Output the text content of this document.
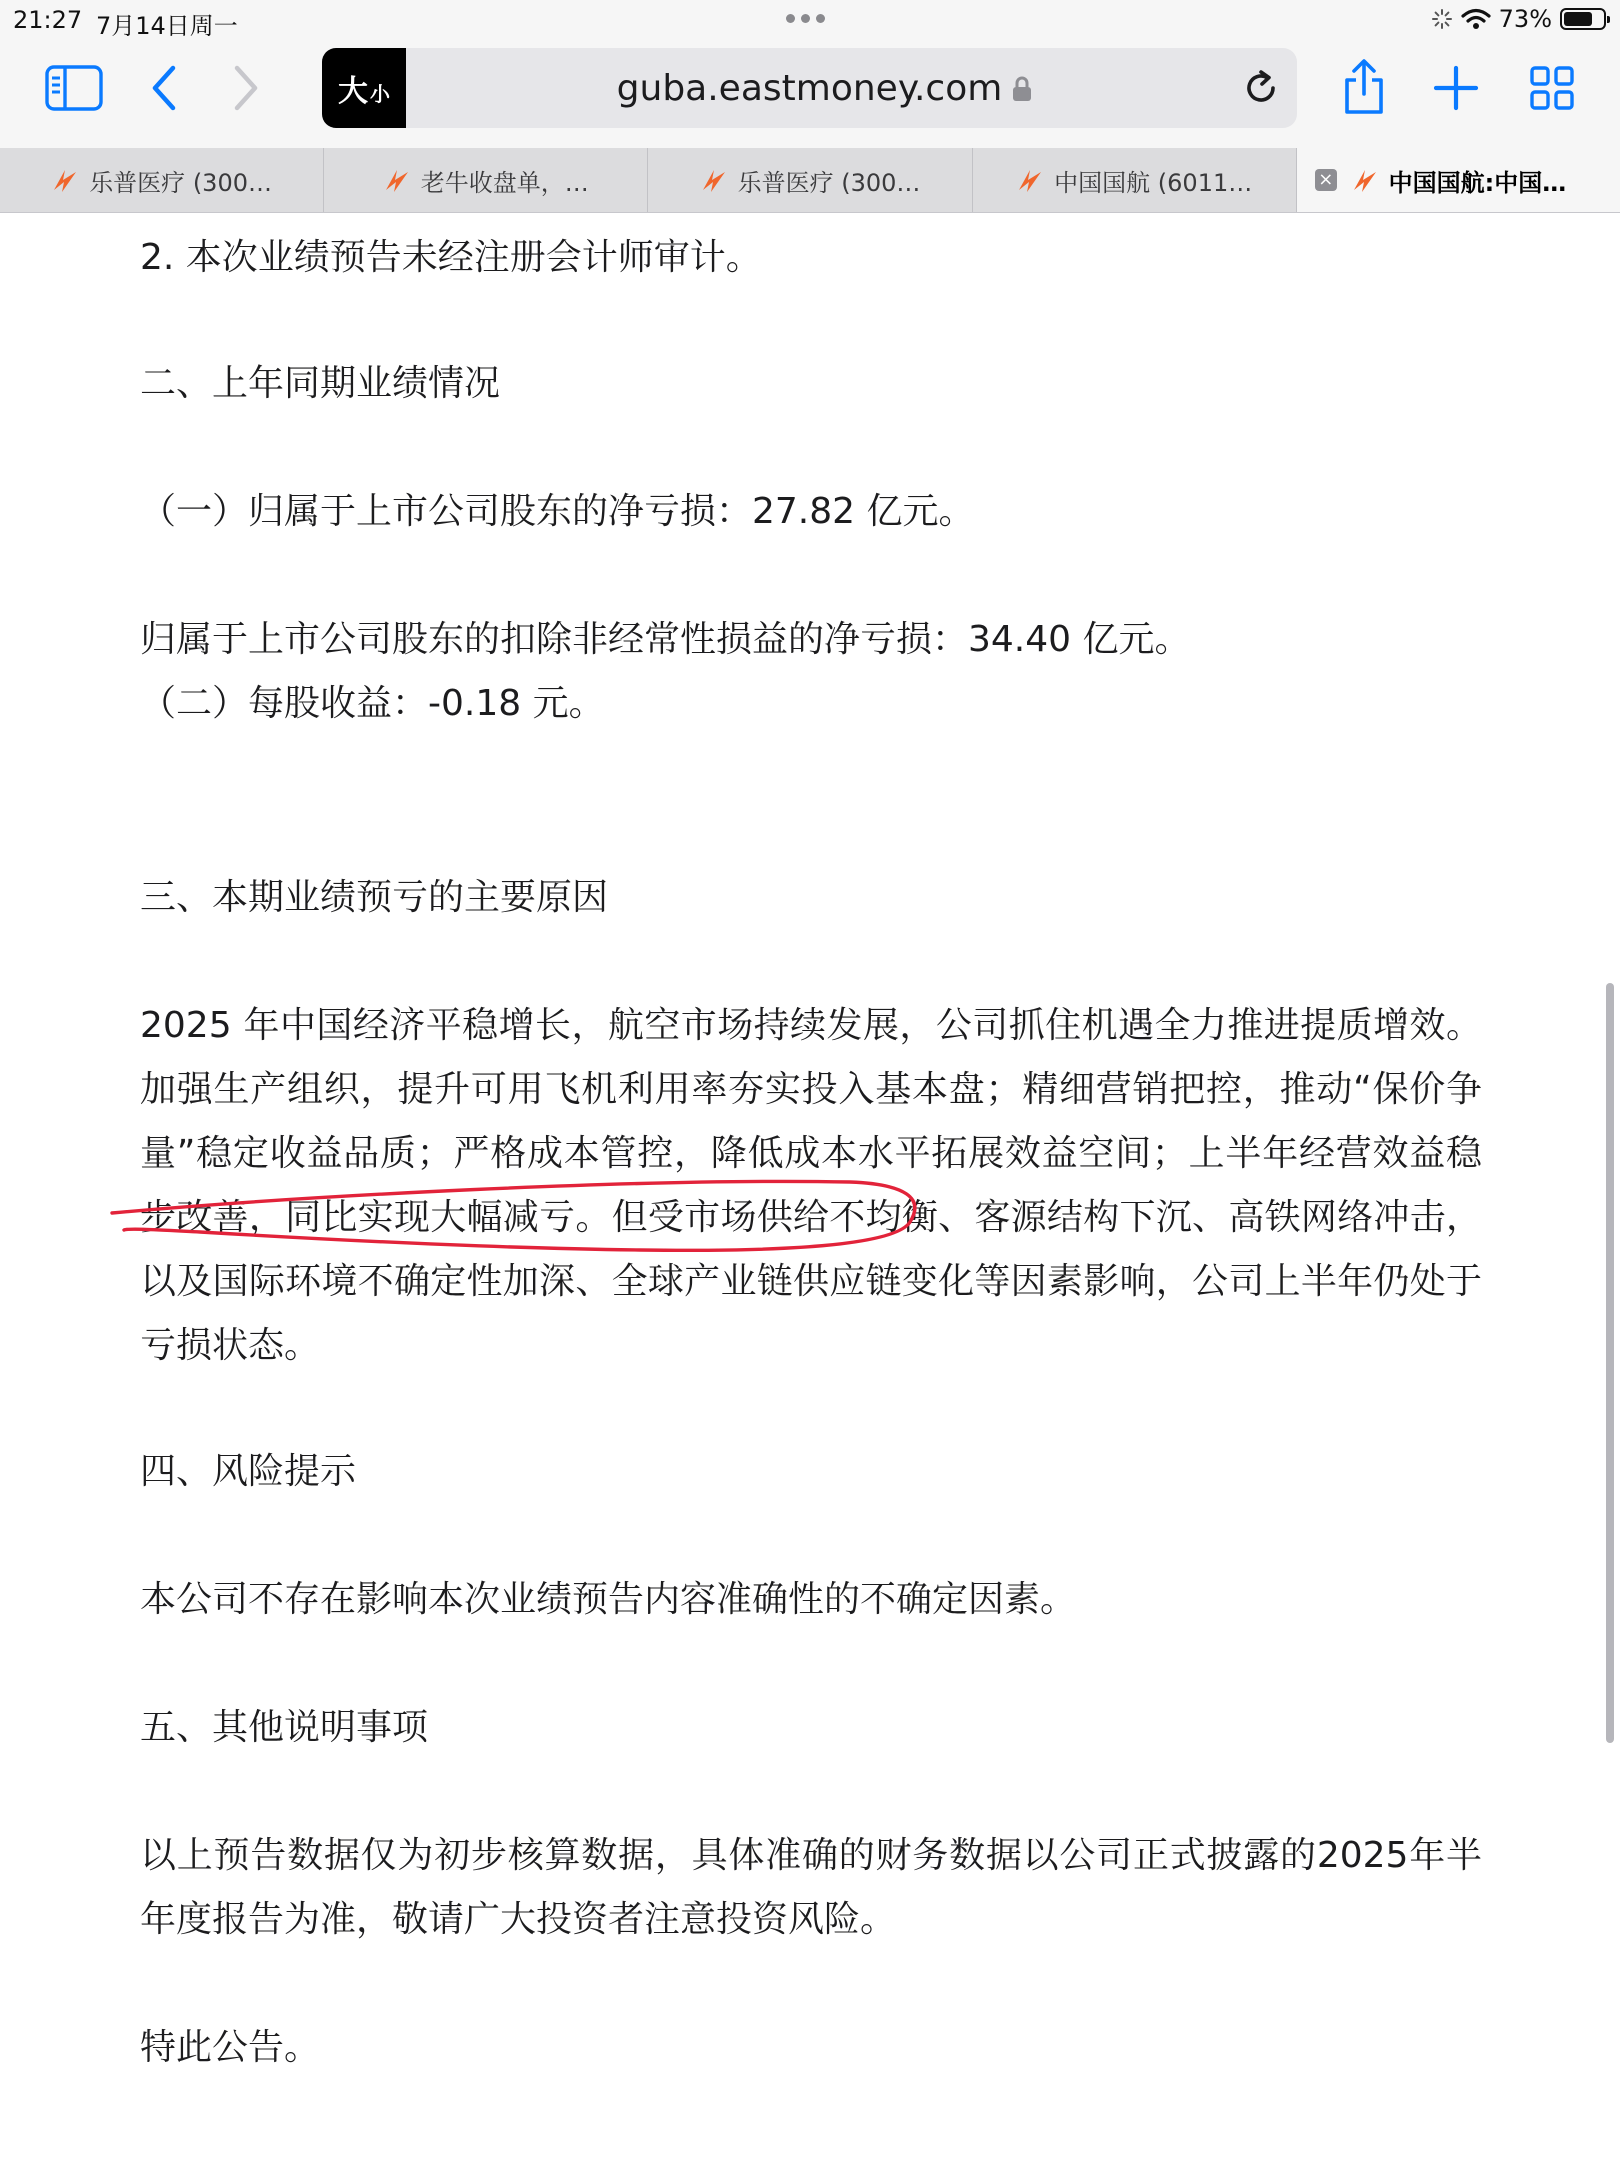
21:27 7月14日周一	73%
大 小	guba.eastmoney.com
乐普医疗 (300…	老牛收盘单，…	乐普医疗 (300…	中国国航 (6011…	× 中国国航:中国…

2. 本次业绩预告未经注册会计师审计。

二、上年同期业绩情况

（一）归属于上市公司股东的净亏损：27.82 亿元。

归属于上市公司股东的扣除非经常性损益的净亏损：34.40 亿元。

（二）每股收益：-0.18 元。

三、本期业绩预亏的主要原因

2025 年中国经济平稳增长，航空市场持续发展，公司抓住机遇全力推进提质增效。加强生产组织，提升可用飞机利用率夯实投入基本盘；精细营销把控，推动“保价争量”稳定收益品质；严格成本管控，降低成本水平拓展效益空间；上半年经营效益稳步改善，同比实现大幅减亏。但受市场供给不均衡、客源结构下沉、高铁网络冲击，以及国际环境不确定性加深、全球产业链供应链变化等因素影响，公司上半年仍处于亏损状态。

四、风险提示

本公司不存在影响本次业绩预告内容准确性的不确定因素。

五、其他说明事项

以上预告数据仅为初步核算数据，具体准确的财务数据以公司正式披露的2025年半年度报告为准，敬请广大投资者注意投资风险。

特此公告。
